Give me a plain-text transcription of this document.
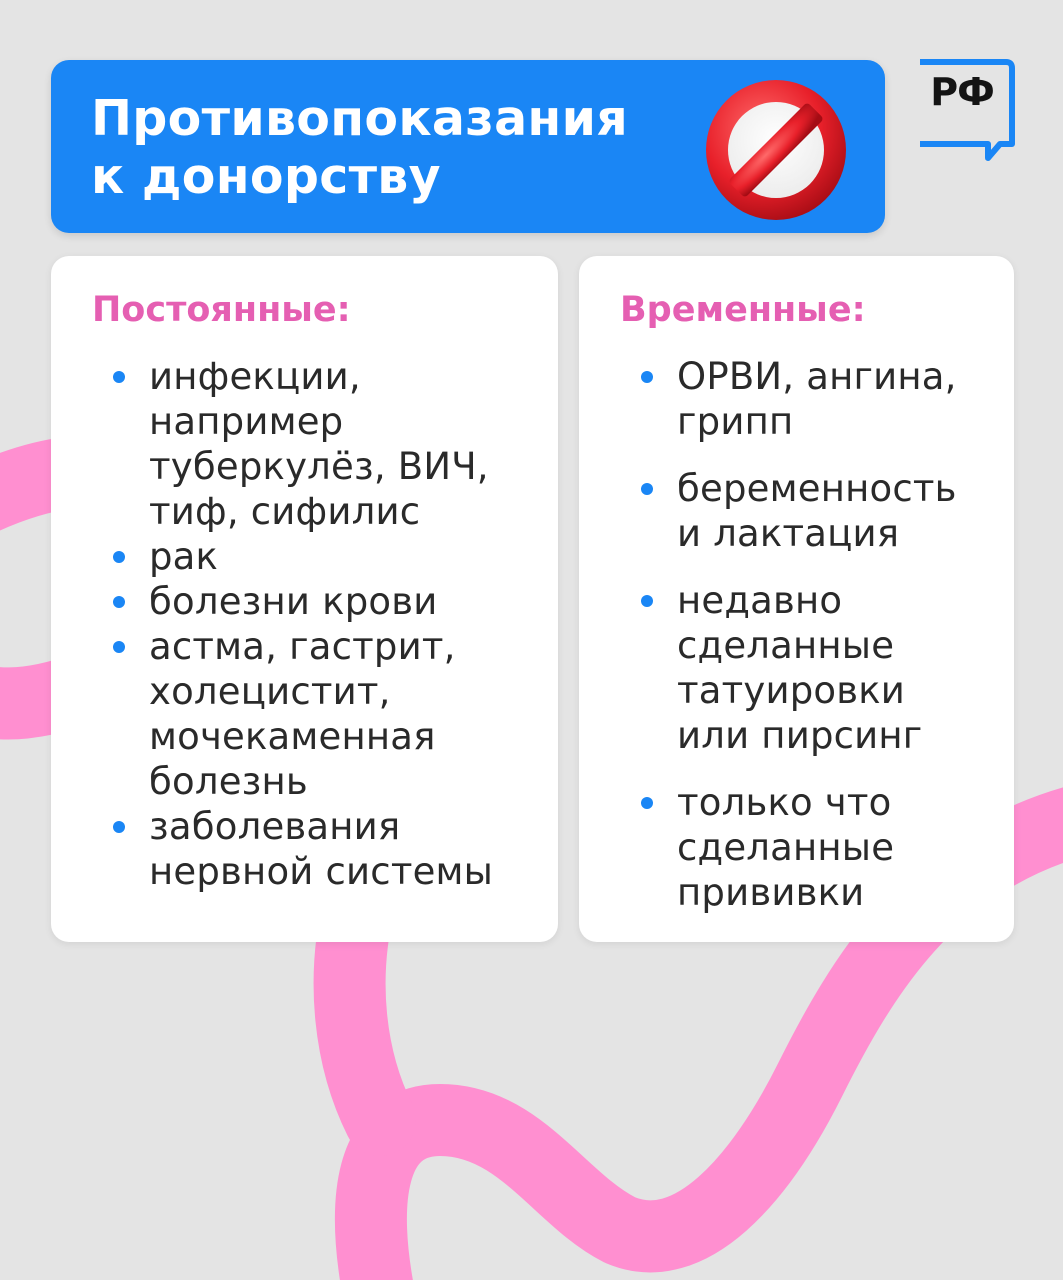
Противопоказания
к донорству
РФ
Постоянные:
инфекции,
например
туберкулёз, ВИЧ,
тиф, сифилис
рак
болезни крови
астма, гастрит,
холецистит,
мочекаменная
болезнь
заболевания
нервной системы
Временные:
ОРВИ, ангина,
грипп
беременность
и лактация
недавно
сделанные
татуировки
или пирсинг
только что
сделанные
прививки
